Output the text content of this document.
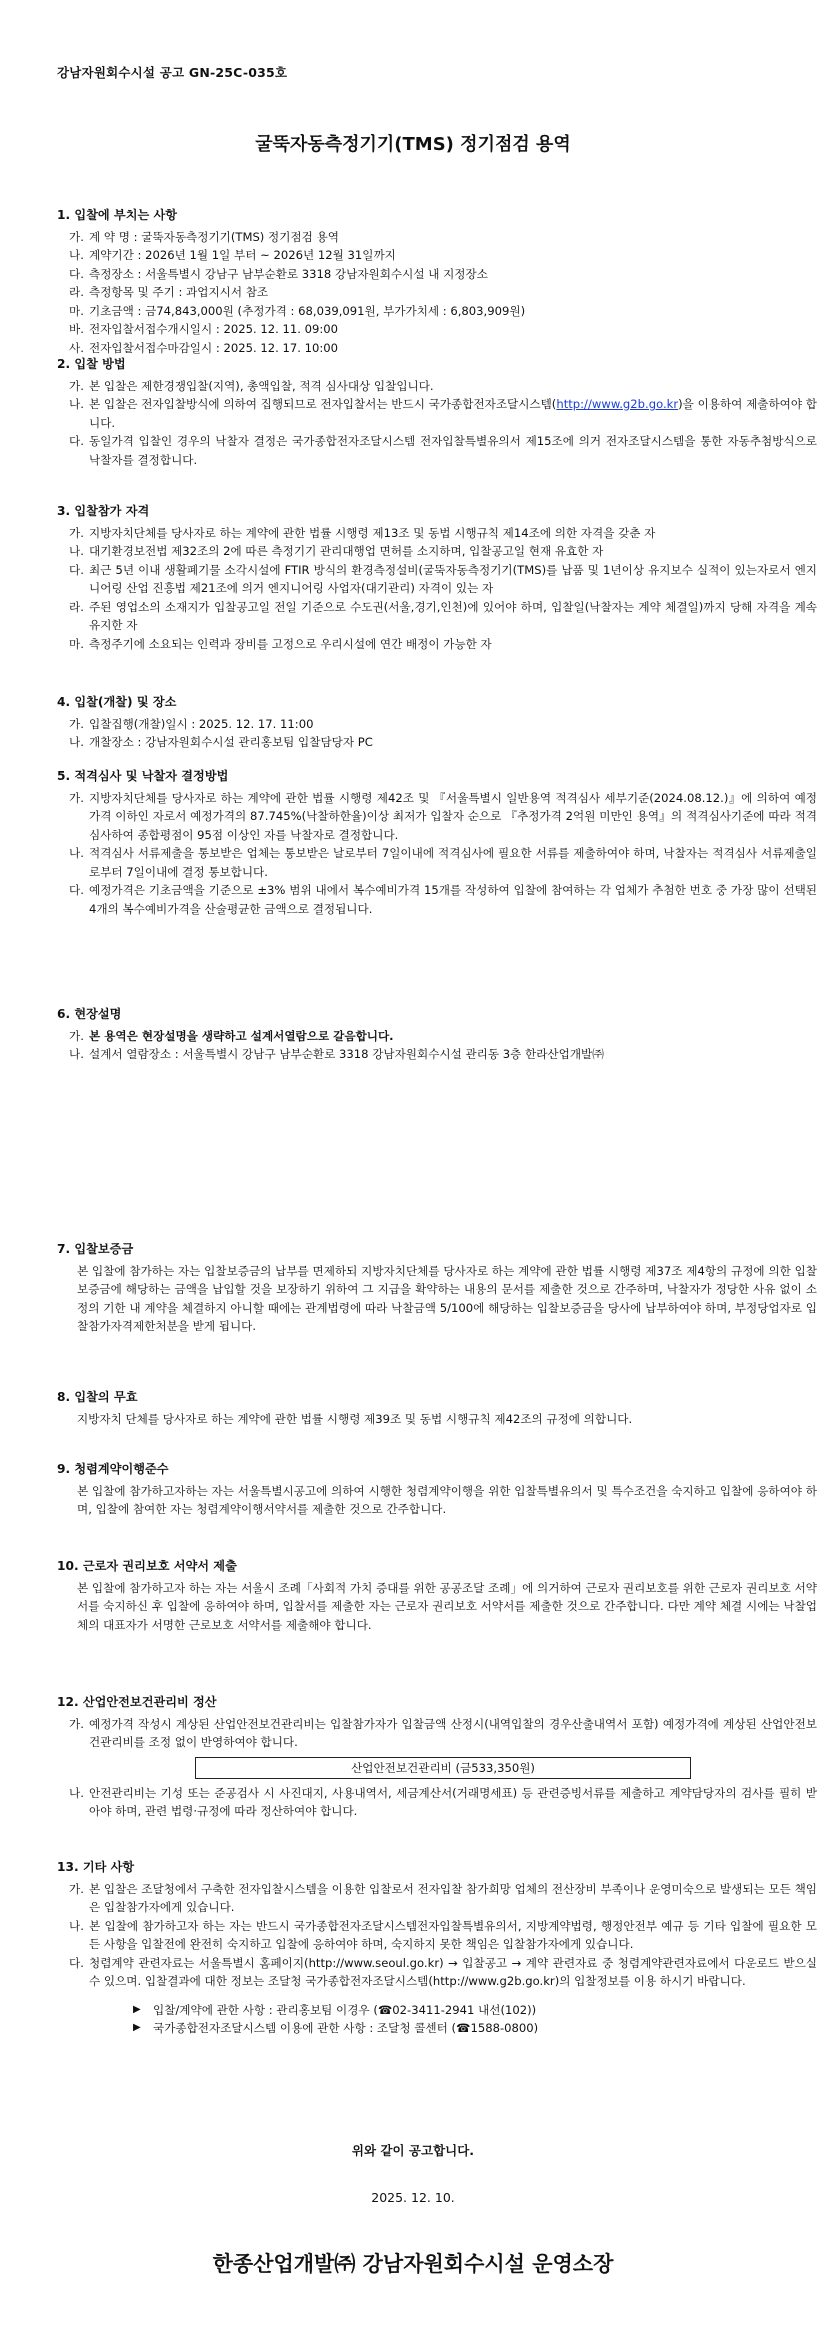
강남자원회수시설 공고 GN-25C-035호
굴뚝자동측정기기(TMS) 정기점검 용역
1. 입찰에 부치는 사항
가. 계 약 명 : 굴뚝자동측정기기(TMS) 정기점검 용역
나. 계약기간 : 2026년 1월 1일 부터 ~ 2026년 12월 31일까지
다. 측정장소 : 서울특별시 강남구 남부순환로 3318 강남자원회수시설 내 지정장소
라. 측정항목 및 주기 : 과업지시서 참조
마. 기초금액 : 금74,843,000원 (추정가격 : 68,039,091원, 부가가치세 : 6,803,909원)
바. 전자입찰서접수개시일시 : 2025. 12. 11. 09:00
사. 전자입찰서접수마감일시 : 2025. 12. 17. 10:00
2. 입찰 방법
가. 본 입찰은 제한경쟁입찰(지역), 총액입찰, 적격 심사대상 입찰입니다.
나. 본 입찰은 전자입찰방식에 의하여 집행되므로 전자입찰서는 반드시 국가종합전자조달시스템(http://www.g2b.go.kr)을 이용하여 제출하여야 합니다.
다. 동일가격 입찰인 경우의 낙찰자 결정은 국가종합전자조달시스템 전자입찰특별유의서 제15조에 의거 전자조달시스템을 통한 자동추첨방식으로 낙찰자를 결정합니다.
3. 입찰참가 자격
가. 지방자치단체를 당사자로 하는 계약에 관한 법률 시행령 제13조 및 동법 시행규칙 제14조에 의한 자격을 갖춘 자
나. 대기환경보전법 제32조의 2에 따른 측정기기 관리대행업 면허를 소지하며, 입찰공고일 현재 유효한 자
다. 최근 5년 이내 생활폐기물 소각시설에 FTIR 방식의 환경측정설비(굴뚝자동측정기기(TMS)를 납품 및 1년이상 유지보수 실적이 있는자로서 엔지니어링 산업 진흥법 제21조에 의거 엔지니어링 사업자(대기관리) 자격이 있는 자
라. 주된 영업소의 소재지가 입찰공고일 전일 기준으로 수도권(서울,경기,인천)에 있어야 하며, 입찰일(낙찰자는 계약 체결일)까지 당해 자격을 계속 유지한 자
마. 측정주기에 소요되는 인력과 장비를 고정으로 우리시설에 연간 배정이 가능한 자
4. 입찰(개찰) 및 장소
가. 입찰집행(개찰)일시 : 2025. 12. 17. 11:00
나. 개찰장소 : 강남자원회수시설 관리홍보팀 입찰담당자 PC
5. 적격심사 및 낙찰자 결정방법
가. 지방자치단체를 당사자로 하는 계약에 관한 법률 시행령 제42조 및 『서울특별시 일반용역 적격심사 세부기준(2024.08.12.)』에 의하여 예정가격 이하인 자로서 예정가격의 87.745%(낙찰하한율)이상 최저가 입찰자 순으로 『추정가격 2억원 미만인 용역』의 적격심사기준에 따라 적격심사하여 종합평점이 95점 이상인 자를 낙찰자로 결정합니다.
나. 적격심사 서류제출을 통보받은 업체는 통보받은 날로부터 7일이내에 적격심사에 필요한 서류를 제출하여야 하며, 낙찰자는 적격심사 서류제출일로부터 7일이내에 결정 통보합니다.
다. 예정가격은 기초금액을 기준으로 ±3% 범위 내에서 복수예비가격 15개를 작성하여 입찰에 참여하는 각 업체가 추첨한 번호 중 가장 많이 선택된 4개의 복수예비가격을 산술평균한 금액으로 결정됩니다.
6. 현장설명
가. 본 용역은 현장설명을 생략하고 설계서열람으로 갈음합니다.
나. 설계서 열람장소 : 서울특별시 강남구 남부순환로 3318 강남자원회수시설 관리동 3층 한라산업개발㈜
7. 입찰보증금
본 입찰에 참가하는 자는 입찰보증금의 납부를 면제하되 지방자치단체를 당사자로 하는 계약에 관한 법률 시행령 제37조 제4항의 규정에 의한 입찰보증금에 해당하는 금액을 납입할 것을 보장하기 위하여 그 지급을 확약하는 내용의 문서를 제출한 것으로 간주하며, 낙찰자가 정당한 사유 없이 소정의 기한 내 계약을 체결하지 아니할 때에는 관계법령에 따라 낙찰금액 5/100에 해당하는 입찰보증금을 당사에 납부하여야 하며, 부정당업자로 입찰참가자격제한처분을 받게 됩니다.
8. 입찰의 무효
지방자치 단체를 당사자로 하는 계약에 관한 법률 시행령 제39조 및 동법 시행규칙 제42조의 규정에 의합니다.
9. 청렴계약이행준수
본 입찰에 참가하고자하는 자는 서울특별시공고에 의하여 시행한 청렴계약이행을 위한 입찰특별유의서 및 특수조건을 숙지하고 입찰에 응하여야 하며, 입찰에 참여한 자는 청렴계약이행서약서를 제출한 것으로 간주합니다.
10. 근로자 권리보호 서약서 제출
본 입찰에 참가하고자 하는 자는 서울시 조례「사회적 가치 증대를 위한 공공조달 조례」에 의거하여 근로자 권리보호를 위한 근로자 권리보호 서약서를 숙지하신 후 입찰에 응하여야 하며, 입찰서를 제출한 자는 근로자 권리보호 서약서를 제출한 것으로 간주합니다. 다만 계약 체결 시에는 낙찰업체의 대표자가 서명한 근로보호 서약서를 제출해야 합니다.
12. 산업안전보건관리비 정산
가. 예정가격 작성시 계상된 산업안전보건관리비는 입찰참가자가 입찰금액 산정시(내역입찰의 경우산출내역서 포함) 예정가격에 계상된 산업안전보건관리비를 조정 없이 반영하여야 합니다.
산업안전보건관리비 (금533,350원)
나. 안전관리비는 기성 또는 준공검사 시 사진대지, 사용내역서, 세금계산서(거래명세표) 등 관련증빙서류를 제출하고 계약담당자의 검사를 필히 받아야 하며, 관련 법령·규정에 따라 정산하여야 합니다.
13. 기타 사항
가. 본 입찰은 조달청에서 구축한 전자입찰시스템을 이용한 입찰로서 전자입찰 참가희망 업체의 전산장비 부족이나 운영미숙으로 발생되는 모든 책임은 입찰참가자에게 있습니다.
나. 본 입찰에 참가하고자 하는 자는 반드시 국가종합전자조달시스템전자입찰특별유의서, 지방계약법령, 행정안전부 예규 등 기타 입찰에 필요한 모든 사항을 입찰전에 완전히 숙지하고 입찰에 응하여야 하며, 숙지하지 못한 책임은 입찰참가자에게 있습니다.
다. 청렴계약 관련자료는 서울특별시 홈페이지(http://www.seoul.go.kr) → 입찰공고 → 계약 관련자료 중 청렴계약관련자료에서 다운로드 받으실 수 있으며. 입찰결과에 대한 정보는 조달청 국가종합전자조달시스템(http://www.g2b.go.kr)의 입찰정보를 이용 하시기 바랍니다.
▶	입찰/계약에 관한 사항 : 관리홍보팀 이경우 (☎02-3411-2941 내선(102))
▶	국가종합전자조달시스템 이용에 관한 사항 : 조달청 콜센터 (☎1588-0800)
위와 같이 공고합니다.
2025. 12. 10.
한종산업개발㈜ 강남자원회수시설 운영소장
